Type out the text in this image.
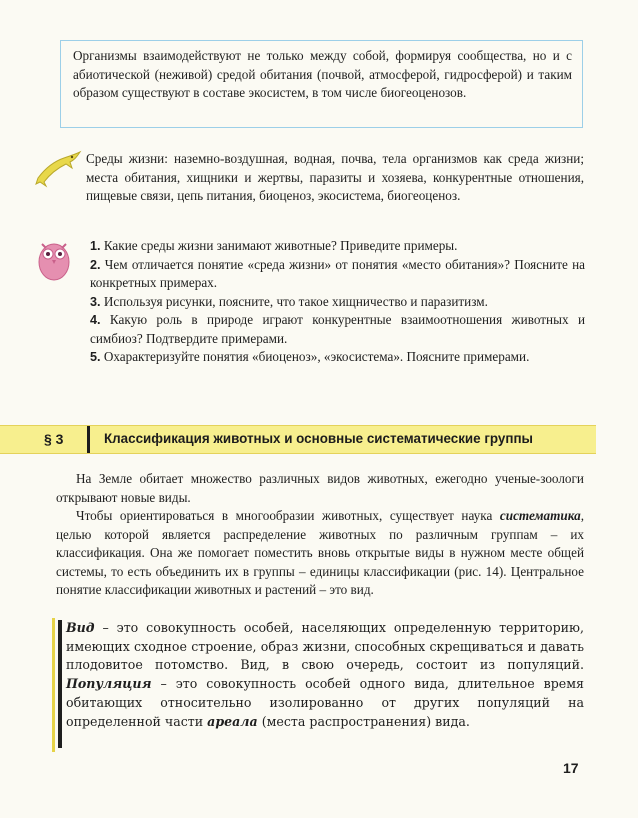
Организмы взаимодействуют не только между собой, формируя сообщества, но и с абиотической (неживой) средой обитания (почвой, атмосферой, гидросферой) и таким образом существуют в составе экосистем, в том числе биогеоценозов.
Среды жизни: наземно-воздушная, водная, почва, тела организмов как среда жизни; места обитания, хищники и жертвы, паразиты и хозяева, конкурентные отношения, пищевые связи, цепь питания, биоценоз, экосистема, биогеоценоз.
1. Какие среды жизни занимают животные? Приведите примеры.
2. Чем отличается понятие «среда жизни» от понятия «место обитания»? Поясните на конкретных примерах.
3. Используя рисунки, поясните, что такое хищничество и паразитизм.
4. Какую роль в природе играют конкурентные взаимоотношения животных и симбиоз? Подтвердите примерами.
5. Охарактеризуйте понятия «биоценоз», «экосистема». Поясните примерами.
§ 3	Классификация животных и основные систематические группы

На Земле обитает множество различных видов животных, ежегодно ученые-зоологи открывают новые виды.

Чтобы ориентироваться в многообразии животных, существует наука систематика, целью которой является распределение животных по различным группам – их классификация. Она же помогает поместить вновь открытые виды в нужном месте общей системы, то есть объединить их в группы – единицы классификации (рис. 14). Центральное понятие классификации животных и растений – это вид.

Вид – это совокупность особей, населяющих определенную территорию, имеющих сходное строение, образ жизни, способных скрещиваться и давать плодовитое потомство. Вид, в свою очередь, состоит из популяций. Популяция – это совокупность особей одного вида, длительное время обитающих относительно изолированно от других популяций на определенной части ареала (места распространения) вида.
17
